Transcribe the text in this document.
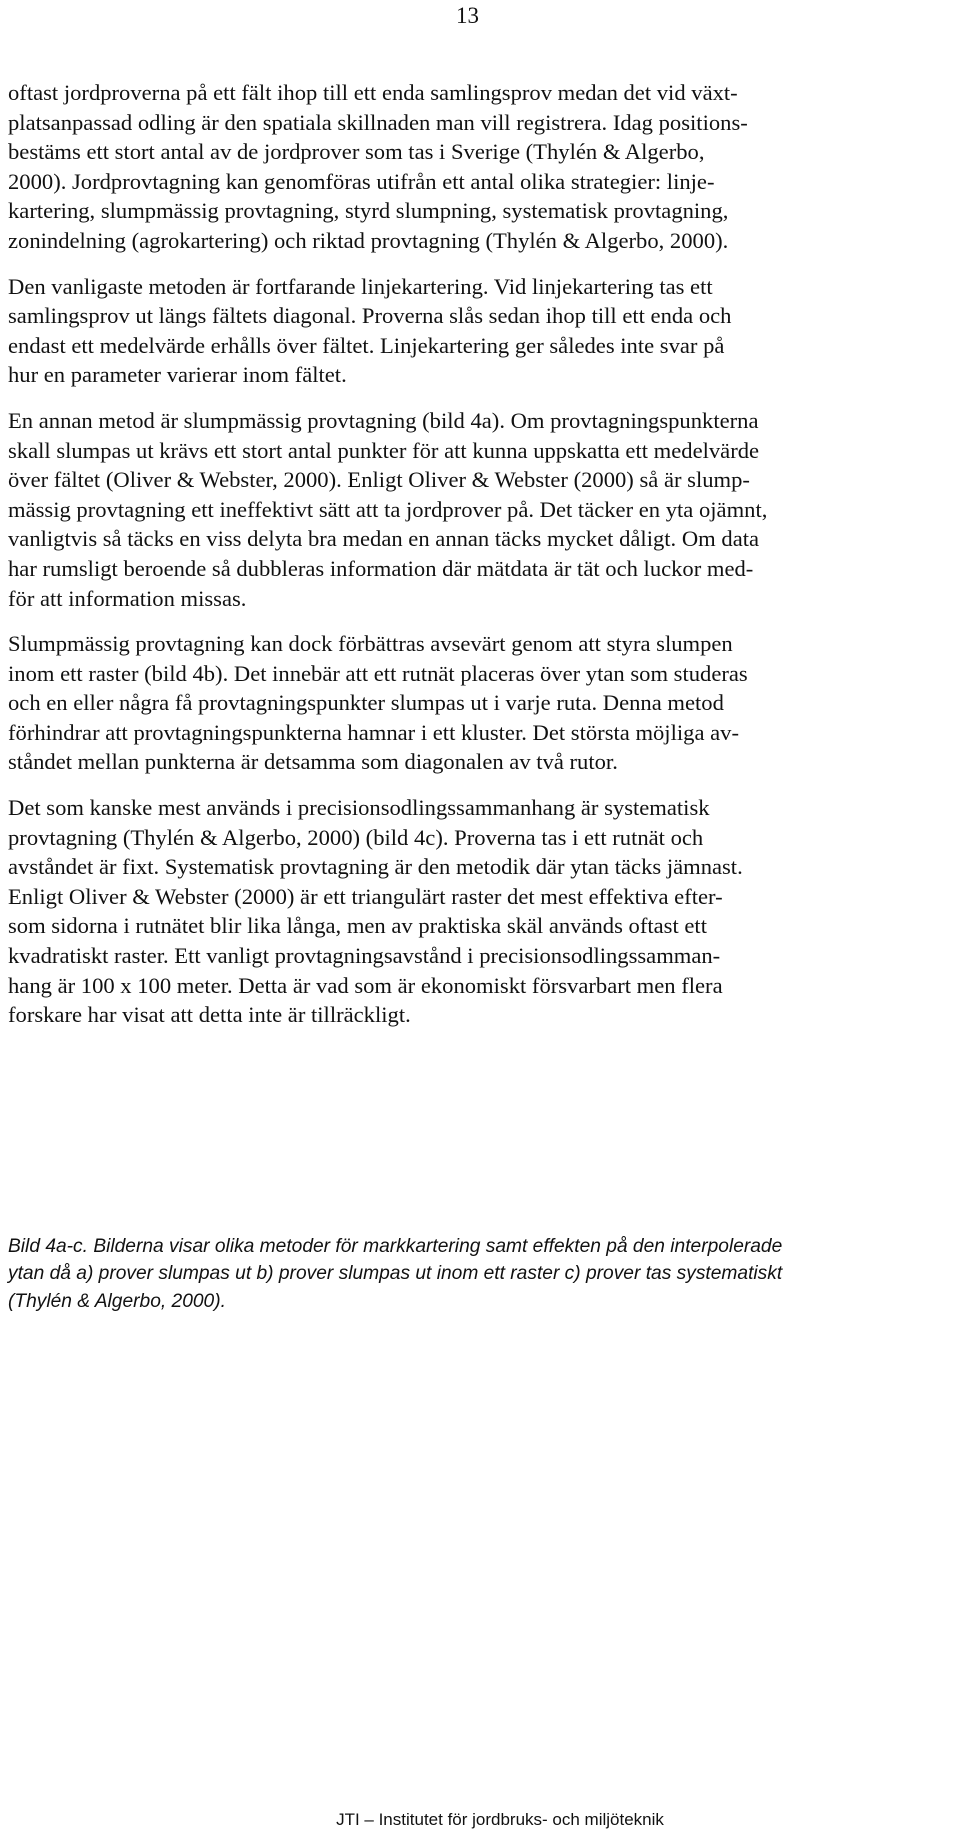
13

oftast jordproverna på ett fält ihop till ett enda samlingsprov medan det vid växt-
platsanpassad odling är den spatiala skillnaden man vill registrera. Idag positions-
bestäms ett stort antal av de jordprover som tas i Sverige (Thylén & Algerbo,
2000). Jordprovtagning kan genomföras utifrån ett antal olika strategier: linje-
kartering, slumpmässig provtagning, styrd slumpning, systematisk provtagning,
zonindelning (agrokartering) och riktad provtagning (Thylén & Algerbo, 2000).

Den vanligaste metoden är fortfarande linjekartering. Vid linjekartering tas ett
samlingsprov ut längs fältets diagonal. Proverna slås sedan ihop till ett enda och
endast ett medelvärde erhålls över fältet. Linjekartering ger således inte svar på
hur en parameter varierar inom fältet.

En annan metod är slumpmässig provtagning (bild 4a). Om provtagningspunkterna
skall slumpas ut krävs ett stort antal punkter för att kunna uppskatta ett medelvärde
över fältet (Oliver & Webster, 2000). Enligt Oliver & Webster (2000) så är slump-
mässig provtagning ett ineffektivt sätt att ta jordprover på. Det täcker en yta ojämnt,
vanligtvis så täcks en viss delyta bra medan en annan täcks mycket dåligt. Om data
har rumsligt beroende så dubbleras information där mätdata är tät och luckor med-
för att information missas.

Slumpmässig provtagning kan dock förbättras avsevärt genom att styra slumpen
inom ett raster (bild 4b). Det innebär att ett rutnät placeras över ytan som studeras
och en eller några få provtagningspunkter slumpas ut i varje ruta. Denna metod
förhindrar att provtagningspunkterna hamnar i ett kluster. Det största möjliga av-
ståndet mellan punkterna är detsamma som diagonalen av två rutor.

Det som kanske mest används i precisionsodlingssammanhang är systematisk
provtagning (Thylén & Algerbo, 2000) (bild 4c). Proverna tas i ett rutnät och
avståndet är fixt. Systematisk provtagning är den metodik där ytan täcks jämnast.
Enligt Oliver & Webster (2000) är ett triangulärt raster det mest effektiva efter-
som sidorna i rutnätet blir lika långa, men av praktiska skäl används oftast ett
kvadratiskt raster. Ett vanligt provtagningsavstånd i precisionsodlingssamman-
hang är 100 x 100 meter. Detta är vad som är ekonomiskt försvarbart men flera
forskare har visat att detta inte är tillräckligt.

Bild 4a-c. Bilderna visar olika metoder för markkartering samt effekten på den interpolerade
ytan då a) prover slumpas ut b) prover slumpas ut inom ett raster c) prover tas systematiskt
(Thylén & Algerbo, 2000).
JTI – Institutet för jordbruks- och miljöteknik
